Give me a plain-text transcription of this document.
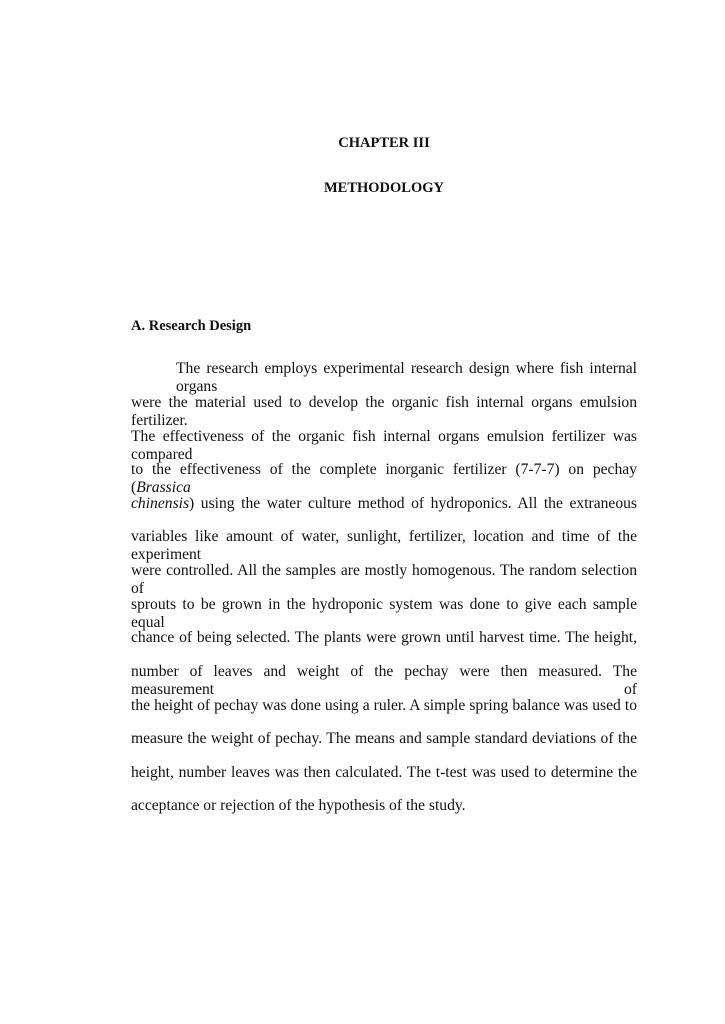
CHAPTER III
METHODOLOGY
A. Research Design
The research employs experimental research design where fish internal organs
were the material used to develop the organic fish internal organs emulsion fertilizer.
The effectiveness of the organic fish internal organs emulsion fertilizer was compared
to the effectiveness of the complete inorganic fertilizer (7-7-7) on pechay (Brassica
chinensis) using the water culture method of hydroponics. All the extraneous
variables like amount of water, sunlight, fertilizer, location and time of the experiment
were controlled. All the samples are mostly homogenous. The random selection of
sprouts to be grown in the hydroponic system was done to give each sample equal
chance of being selected. The plants were grown until harvest time. The height,
number of leaves and weight of the pechay were then measured. The measurement of
the height of pechay was done using a ruler. A simple spring balance was used to
measure the weight of pechay. The means and sample standard deviations of the
height, number leaves was then calculated. The t-test was used to determine the
acceptance or rejection of the hypothesis of the study.
